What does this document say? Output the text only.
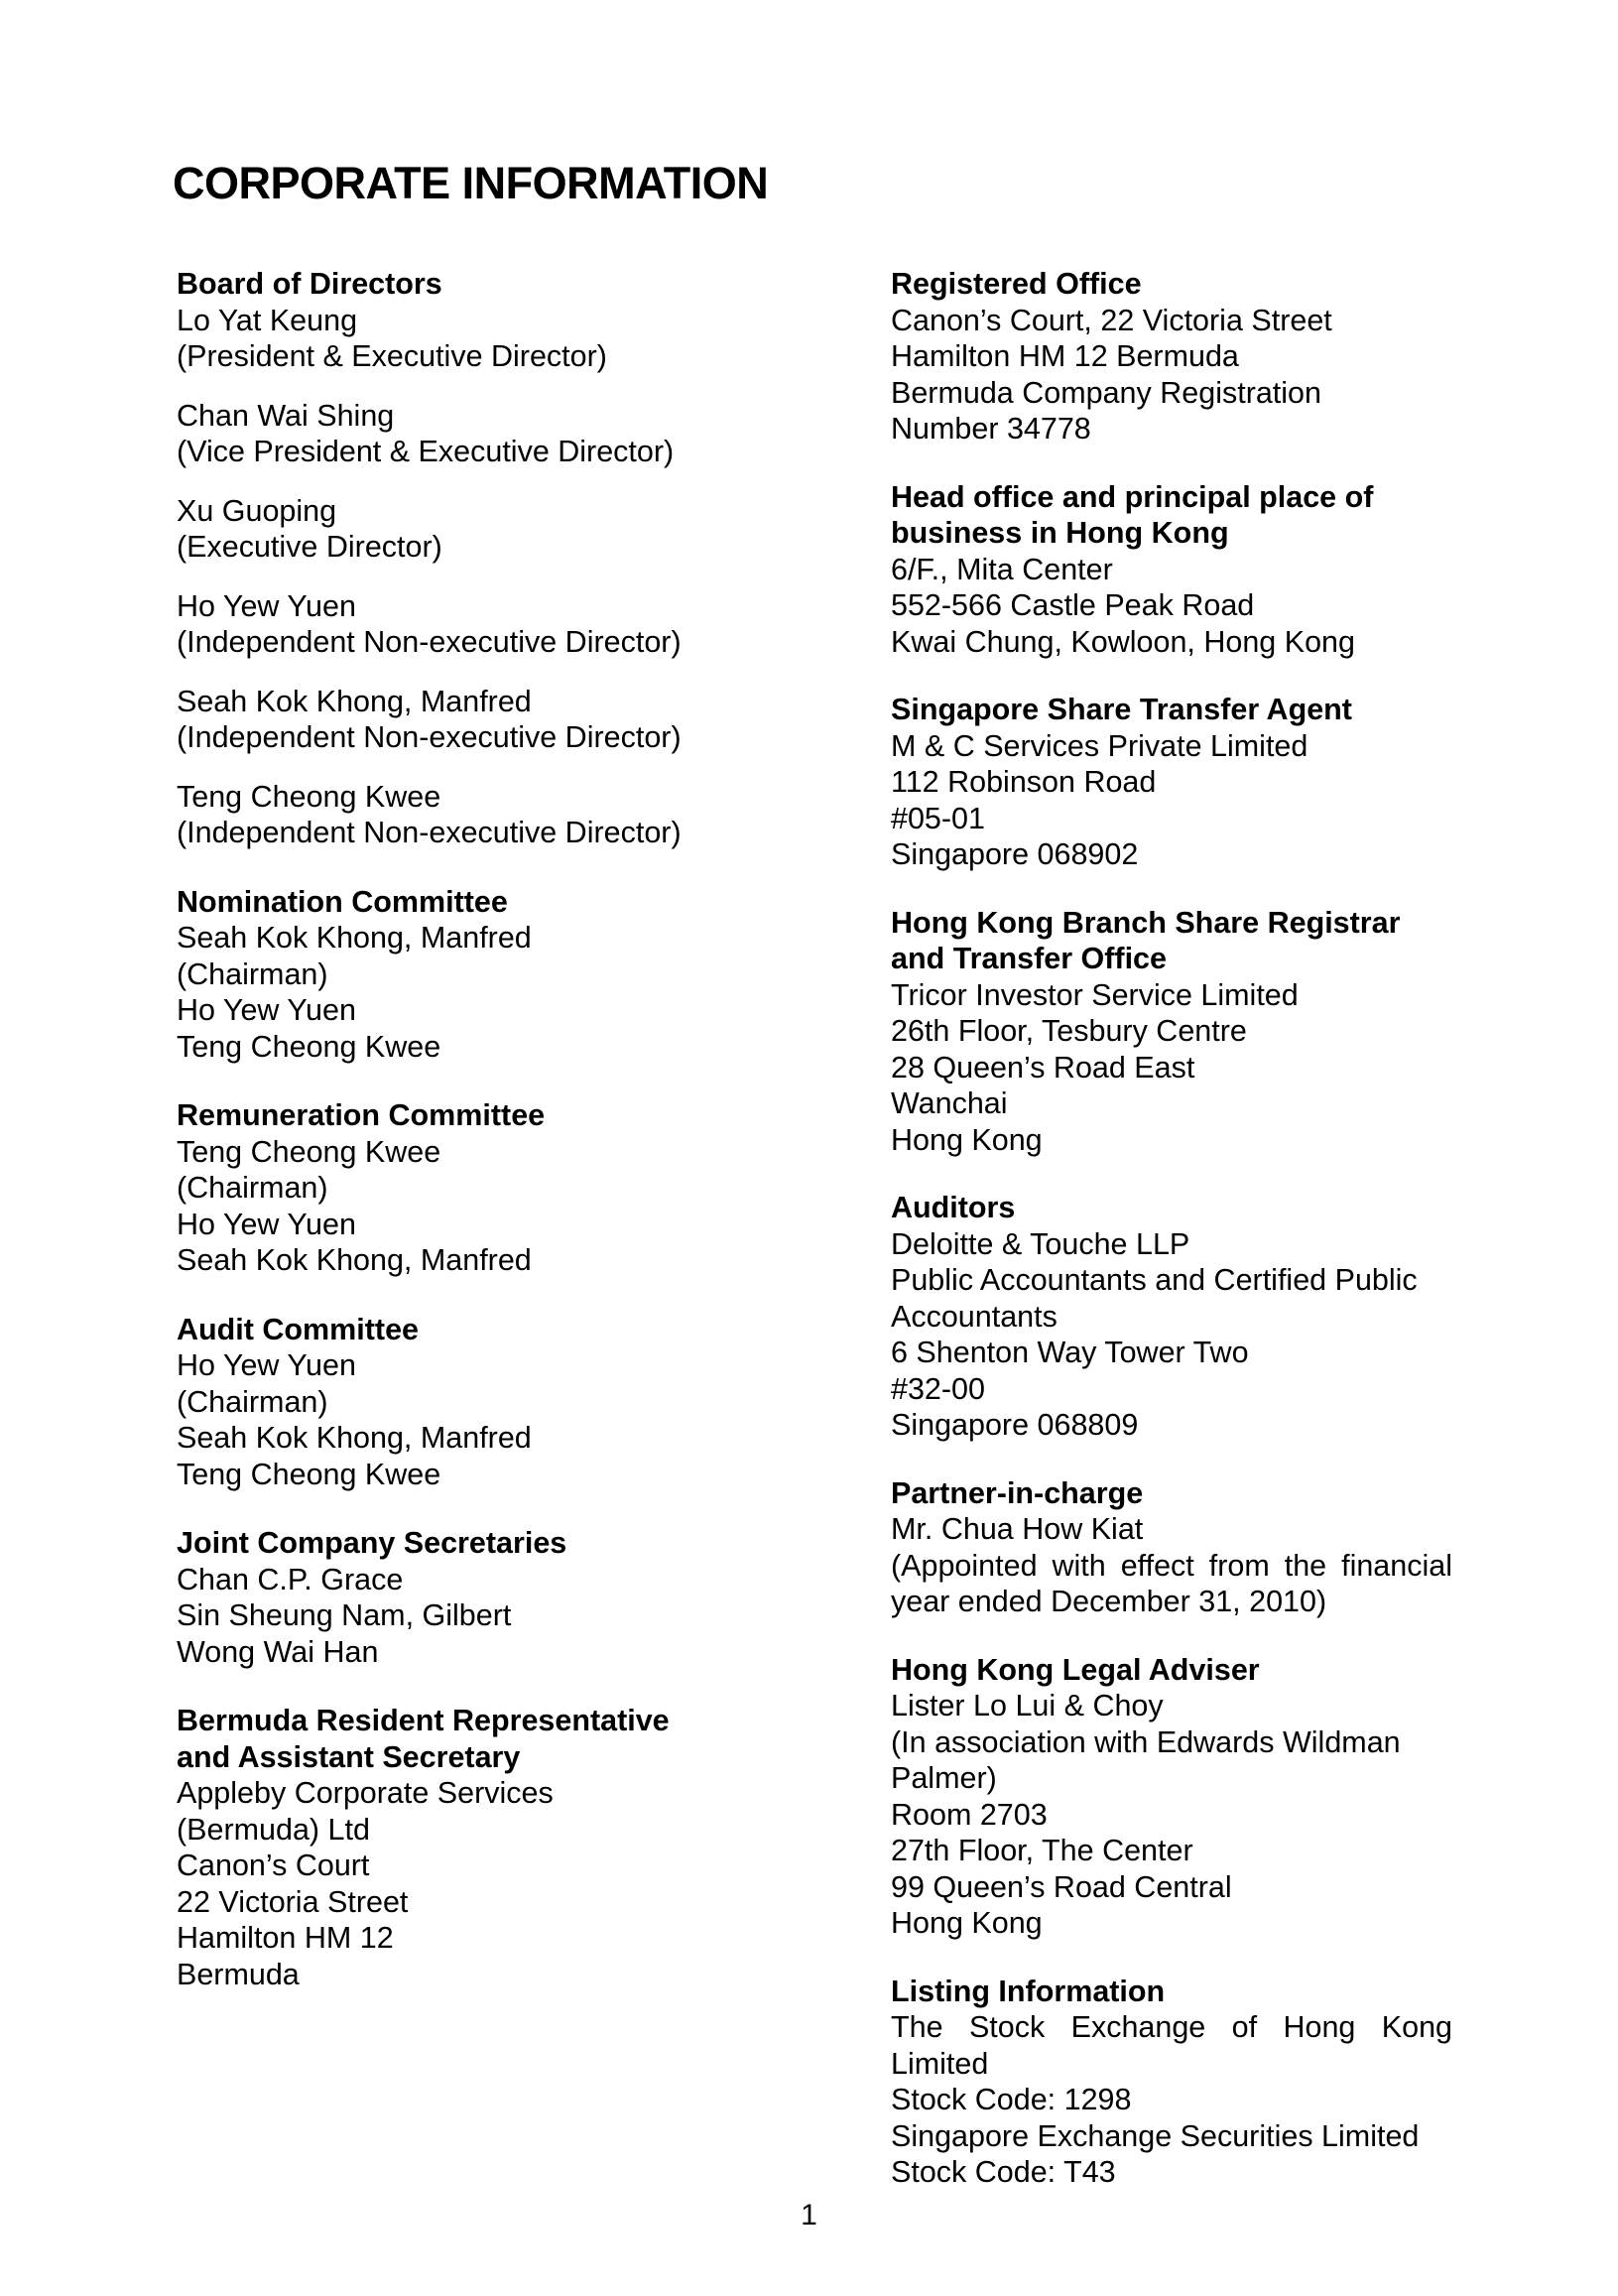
CORPORATE INFORMATION

Board of Directors

Lo Yat Keung

(President & Executive Director)

Chan Wai Shing

(Vice President & Executive Director)

Xu Guoping

(Executive Director)

Ho Yew Yuen

(Independent Non-executive Director)

Seah Kok Khong, Manfred

(Independent Non-executive Director)

Teng Cheong Kwee

(Independent Non-executive Director)

Nomination Committee

Seah Kok Khong, Manfred

(Chairman)

Ho Yew Yuen

Teng Cheong Kwee

Remuneration Committee

Teng Cheong Kwee

(Chairman)

Ho Yew Yuen

Seah Kok Khong, Manfred

Audit Committee

Ho Yew Yuen

(Chairman)

Seah Kok Khong, Manfred

Teng Cheong Kwee

Joint Company Secretaries

Chan C.P. Grace

Sin Sheung Nam, Gilbert

Wong Wai Han

Bermuda Resident Representative

and Assistant Secretary

Appleby Corporate Services

(Bermuda) Ltd

Canon’s Court

22 Victoria Street

Hamilton HM 12

Bermuda

Registered Office

Canon’s Court, 22 Victoria Street

Hamilton HM 12 Bermuda

Bermuda Company Registration

Number 34778

Head office and principal place of

business in Hong Kong

6/F., Mita Center

552-566 Castle Peak Road

Kwai Chung, Kowloon, Hong Kong

Singapore Share Transfer Agent

M & C Services Private Limited

112 Robinson Road

#05-01

Singapore 068902

Hong Kong Branch Share Registrar

and Transfer Office

Tricor Investor Service Limited

26th Floor, Tesbury Centre

28 Queen’s Road East

Wanchai

Hong Kong

Auditors

Deloitte & Touche LLP

Public Accountants and Certified Public

Accountants

6 Shenton Way Tower Two

#32-00

Singapore 068809

Partner-in-charge

Mr. Chua How Kiat

(Appointed with effect from the financial

year ended December 31, 2010)

Hong Kong Legal Adviser

Lister Lo Lui & Choy

(In association with Edwards Wildman

Palmer)

Room 2703

27th Floor, The Center

99 Queen’s Road Central

Hong Kong

Listing Information

The Stock Exchange of Hong Kong

Limited

Stock Code: 1298

Singapore Exchange Securities Limited

Stock Code: T43

1
